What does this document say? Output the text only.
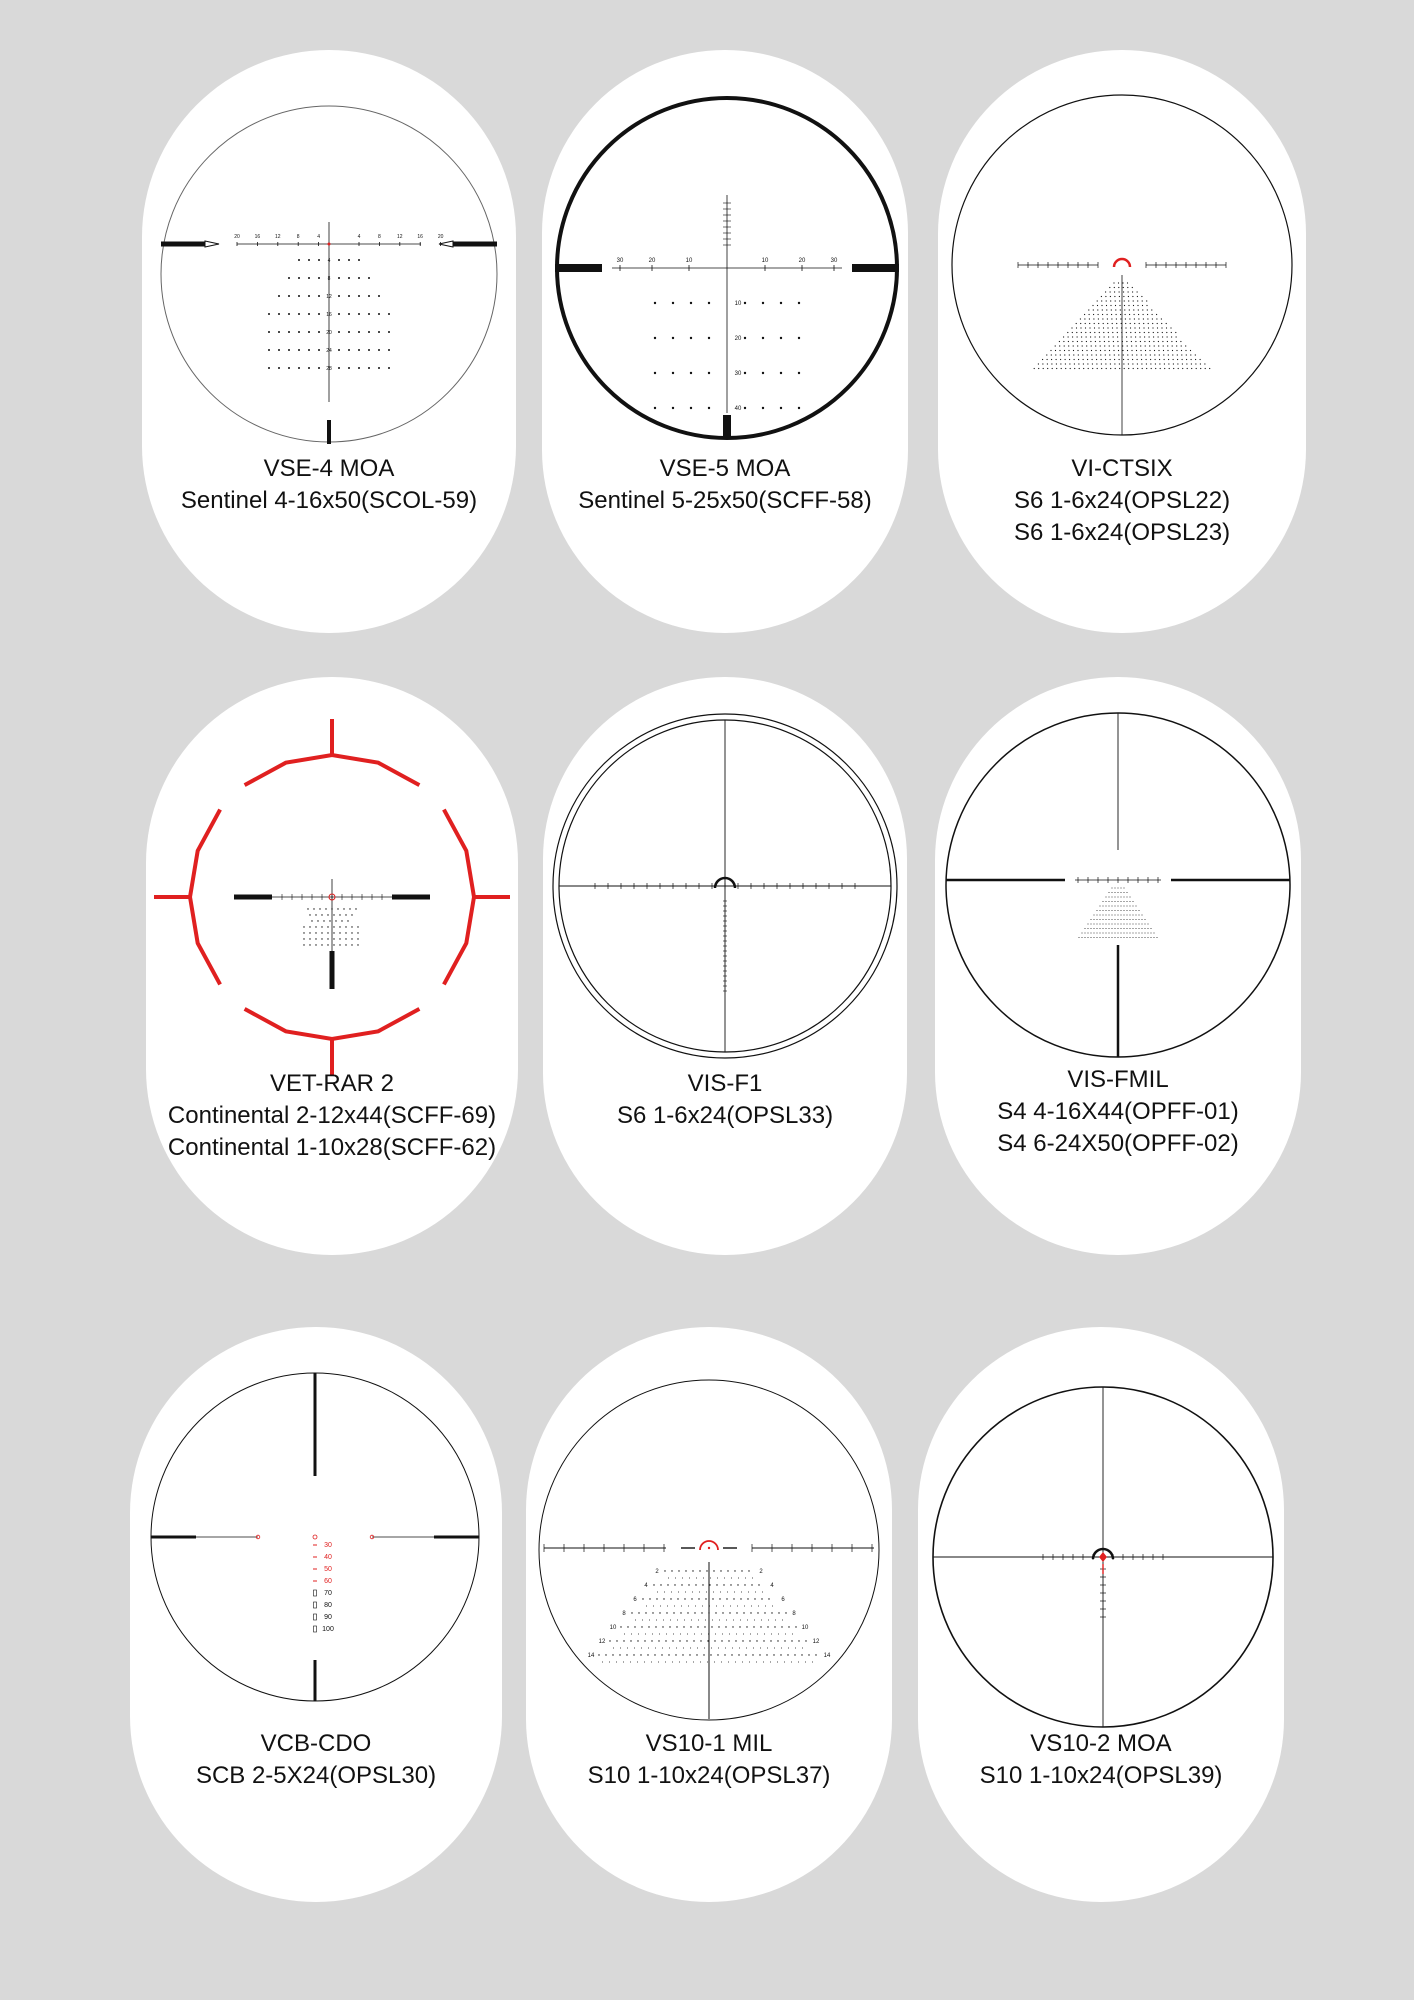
20	16	12	8	4	4	8	12	16	20
4
8
12
16
20
24
28
VSE-4 MOA
Sentinel 4-16x50(SCOL-59)
30	20	10	10	20	30
10
20
30
40
VSE-5 MOA
Sentinel 5-25x50(SCFF-58)
VI-CTSIX
S6 1-6x24(OPSL22)
S6 1-6x24(OPSL23)
VET-RAR 2
Continental 2-12x44(SCFF-69)
Continental 1-10x28(SCFF-62)
VIS-F1
S6 1-6x24(OPSL33)
VIS-FMIL
S4 4-16X44(OPFF-01)
S4 6-24X50(OPFF-02)
30
40
50
60
70
80
90
100
VCB-CDO
SCB 2-5X24(OPSL30)
2	2
4	4
6	6
8	8
10	10
12	12
14	14
VS10-1 MIL
S10 1-10x24(OPSL37)
VS10-2 MOA
S10 1-10x24(OPSL39)
